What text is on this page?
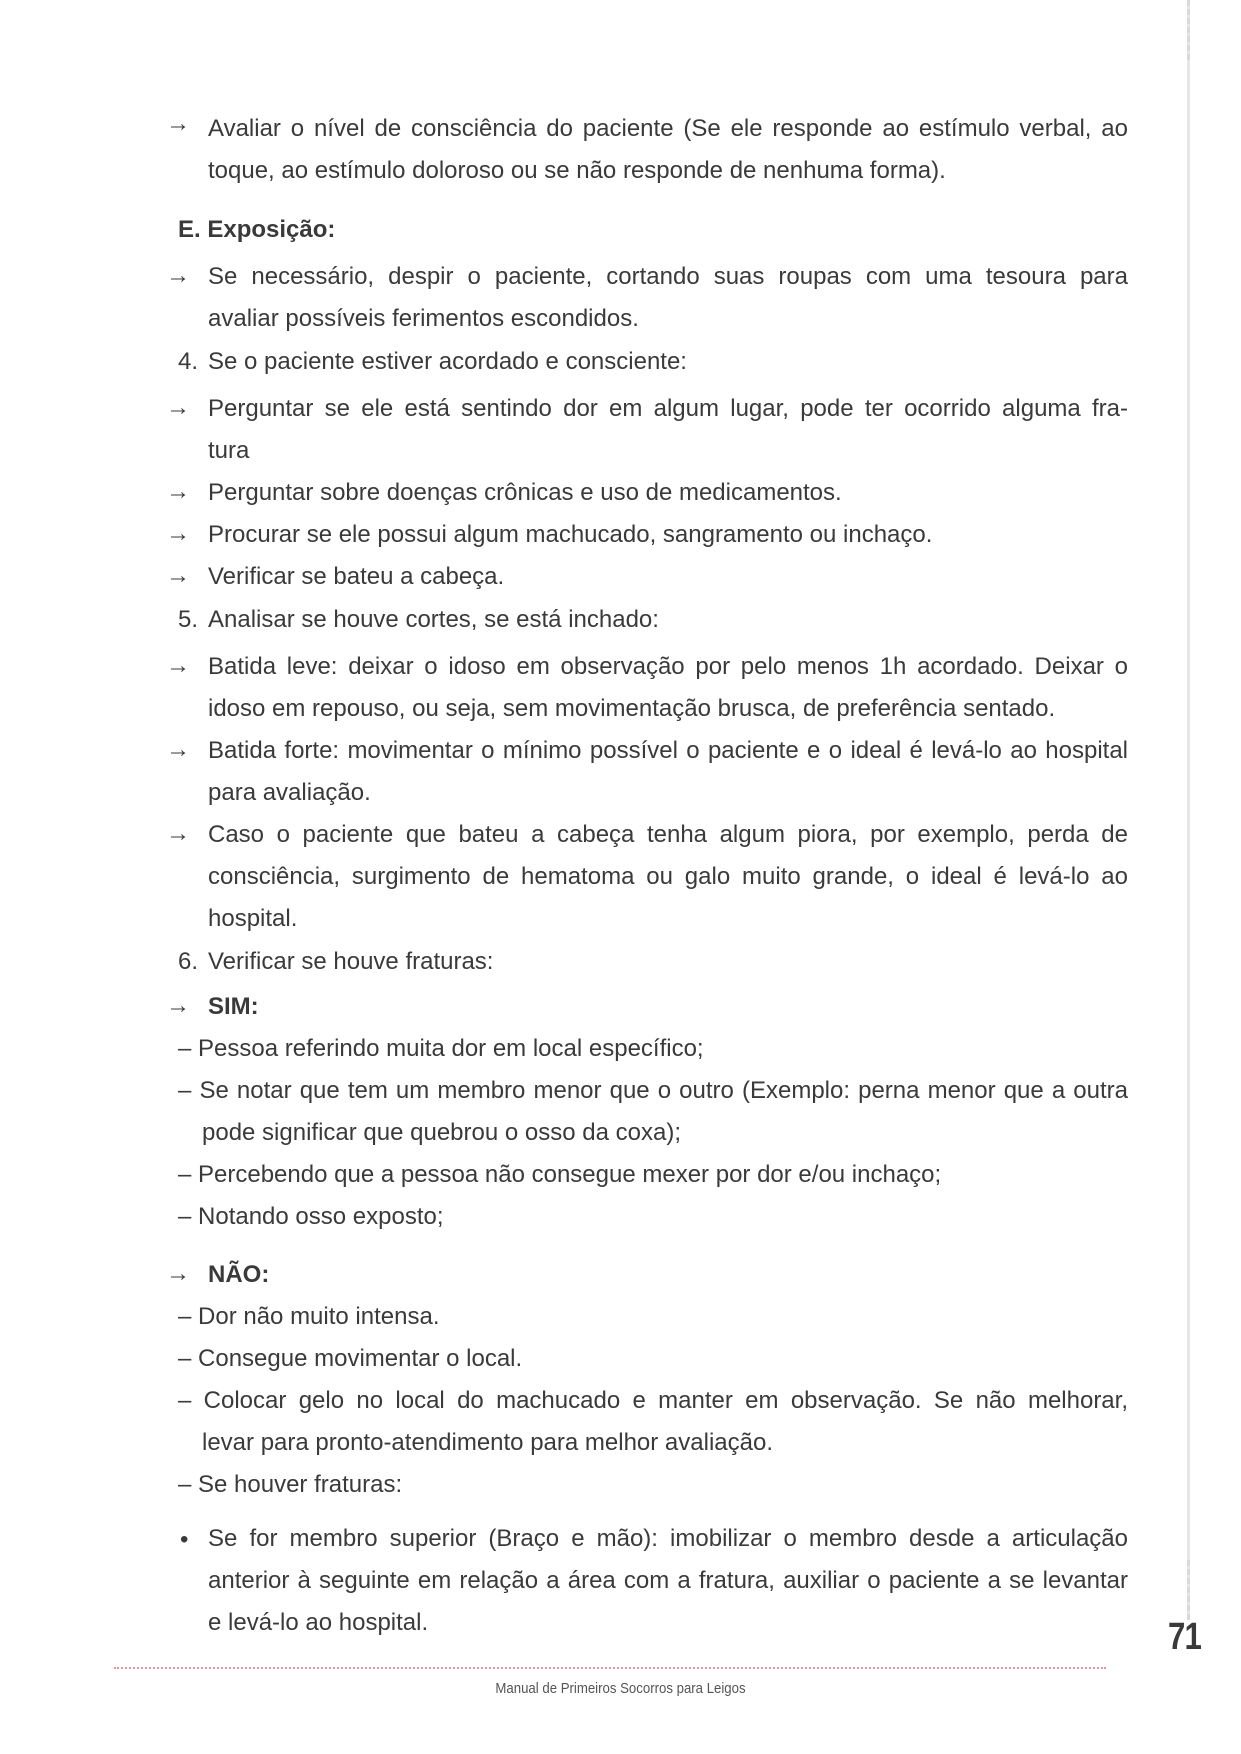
→
→
→
→
→
→
→
→
→
→
→
Avaliar o nível de consciência do paciente (Se ele responde ao estímulo verbal, ao
toque, ao estímulo doloroso ou se não responde de nenhuma forma).
E. Exposição:
Se necessário, despir o paciente, cortando suas roupas com uma tesoura para
avaliar possíveis ferimentos escondidos.
4. Se o paciente estiver acordado e consciente:
Perguntar se ele está sentindo dor em algum lugar, pode ter ocorrido alguma fra-
tura
Perguntar sobre doenças crônicas e uso de medicamentos.
Procurar se ele possui algum machucado, sangramento ou inchaço.
Verificar se bateu a cabeça.
5. Analisar se houve cortes, se está inchado:
Batida leve: deixar o idoso em observação por pelo menos 1h acordado. Deixar o
idoso em repouso, ou seja, sem movimentação brusca, de preferência sentado.
Batida forte: movimentar o mínimo possível o paciente e o ideal é levá-lo ao hospital
para avaliação.
Caso o paciente que bateu a cabeça tenha algum piora, por exemplo, perda de
consciência, surgimento de hematoma ou galo muito grande, o ideal é levá-lo ao
hospital.
6. Verificar se houve fraturas:
SIM:
– Pessoa referindo muita dor em local específico;
– Se notar que tem um membro menor que o outro (Exemplo: perna menor que a outra
pode significar que quebrou o osso da coxa);
– Percebendo que a pessoa não consegue mexer por dor e/ou inchaço;
– Notando osso exposto;
NÃO:
– Dor não muito intensa.
– Consegue movimentar o local.
– Colocar gelo no local do machucado e manter em observação. Se não melhorar,
levar para pronto-atendimento para melhor avaliação.
– Se houver fraturas:
• Se for membro superior (Braço e mão): imobilizar o membro desde a articulação
anterior à seguinte em relação a área com a fratura, auxiliar o paciente a se levantar
e levá-lo ao hospital.	71
Manual de Primeiros Socorros para Leigos
